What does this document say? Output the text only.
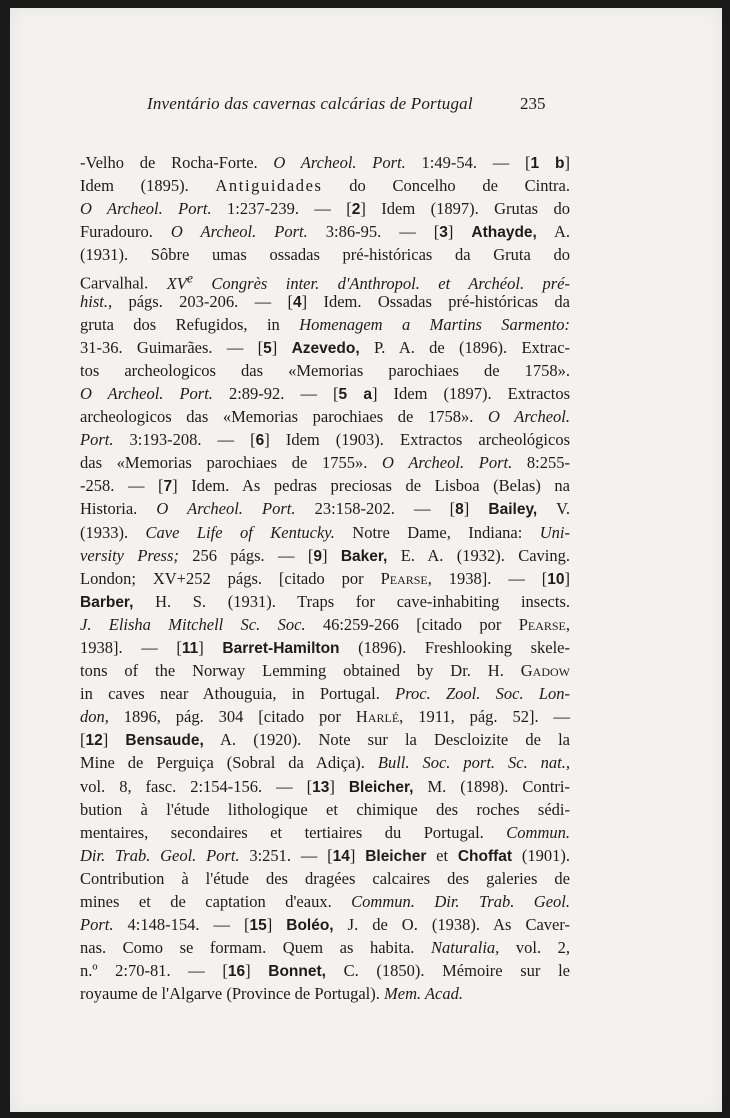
Inventário das cavernas calcárias de Portugal	235
-Velho de Rocha-Forte. O Archeol. Port. 1:49-54. — [1 b]
Idem (1895). Antiguidades do Concelho de Cintra.
O Archeol. Port. 1:237-239. — [2] Idem (1897). Grutas do
Furadouro. O Archeol. Port. 3:86-95. — [3] Athayde, A.
(1931). Sôbre umas ossadas pré-históricas da Gruta do
Carvalhal. XVe Congrès inter. d'Anthropol. et Archéol. pré-
hist., págs. 203-206. — [4] Idem. Ossadas pré-históricas da
gruta dos Refugidos, in Homenagem a Martins Sarmento:
31-36. Guimarães. — [5] Azevedo, P. A. de (1896). Extrac-
tos archeologicos das «Memorias parochiaes de 1758».
O Archeol. Port. 2:89-92. — [5 a] Idem (1897). Extractos
archeologicos das «Memorias parochiaes de 1758». O Archeol.
Port. 3:193-208. — [6] Idem (1903). Extractos archeológicos
das «Memorias parochiaes de 1755». O Archeol. Port. 8:255-
-258. — [7] Idem. As pedras preciosas de Lisboa (Belas) na
Historia. O Archeol. Port. 23:158-202. — [8] Bailey, V.
(1933). Cave Life of Kentucky. Notre Dame, Indiana: Uni-
versity Press; 256 págs. — [9] Baker, E. A. (1932). Caving.
London; XV+252 págs. [citado por Pearse, 1938]. — [10]
Barber, H. S. (1931). Traps for cave-inhabiting insects.
J. Elisha Mitchell Sc. Soc. 46:259-266 [citado por Pearse,
1938]. — [11] Barret-Hamilton (1896). Freshlooking skele-
tons of the Norway Lemming obtained by Dr. H. Gadow
in caves near Athouguia, in Portugal. Proc. Zool. Soc. Lon-
don, 1896, pág. 304 [citado por Harlé, 1911, pág. 52]. —
[12] Bensaude, A. (1920). Note sur la Descloizite de la
Mine de Perguiça (Sobral da Adiça). Bull. Soc. port. Sc. nat.,
vol. 8, fasc. 2:154-156. — [13] Bleicher, M. (1898). Contri-
bution à l'étude lithologique et chimique des roches sédi-
mentaires, secondaires et tertiaires du Portugal. Commun.
Dir. Trab. Geol. Port. 3:251. — [14] Bleicher et Choffat (1901).
Contribution à l'étude des dragées calcaires des galeries de
mines et de captation d'eaux. Commun. Dir. Trab. Geol.
Port. 4:148-154. — [15] Boléo, J. de O. (1938). As Caver-
nas. Como se formam. Quem as habita. Naturalia, vol. 2,
n.º 2:70-81. — [16] Bonnet, C. (1850). Mémoire sur le
royaume de l'Algarve (Province de Portugal). Mem. Acad.
